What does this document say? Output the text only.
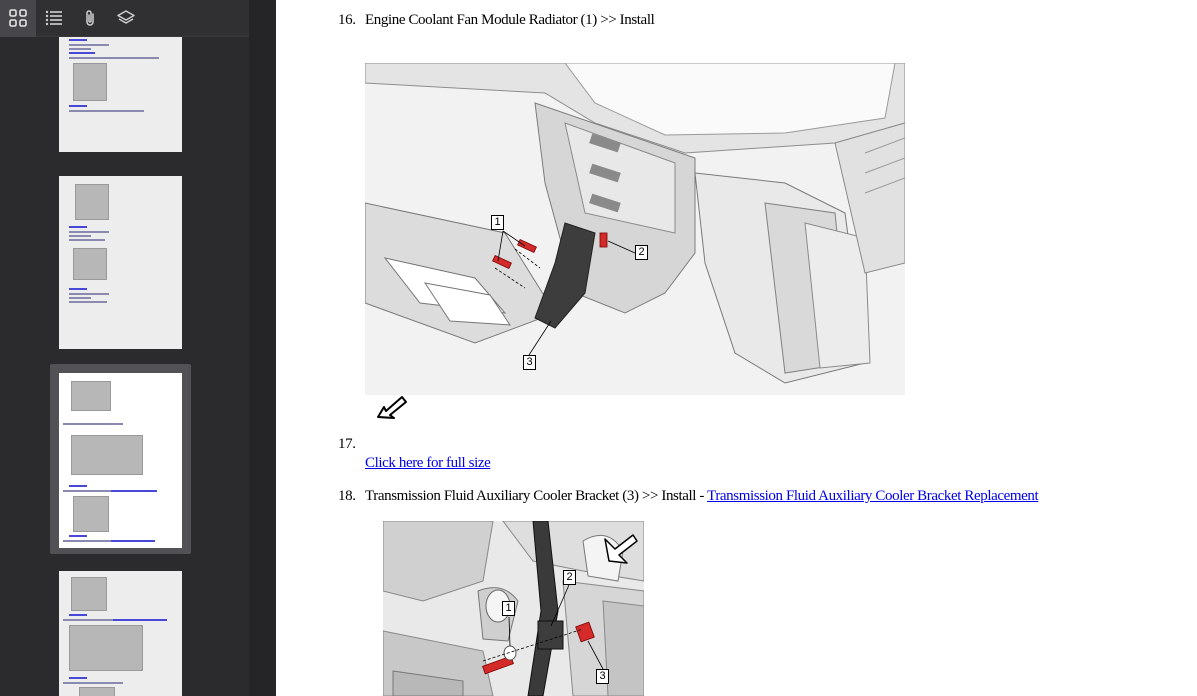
16. Engine Coolant Fan Module Radiator (1) >> Install
1
2
3
17.
Click here for full size
18. Transmission Fluid Auxiliary Cooler Bracket (3) >> Install - Transmission Fluid Auxiliary Cooler Bracket Replacement
1
2
3
